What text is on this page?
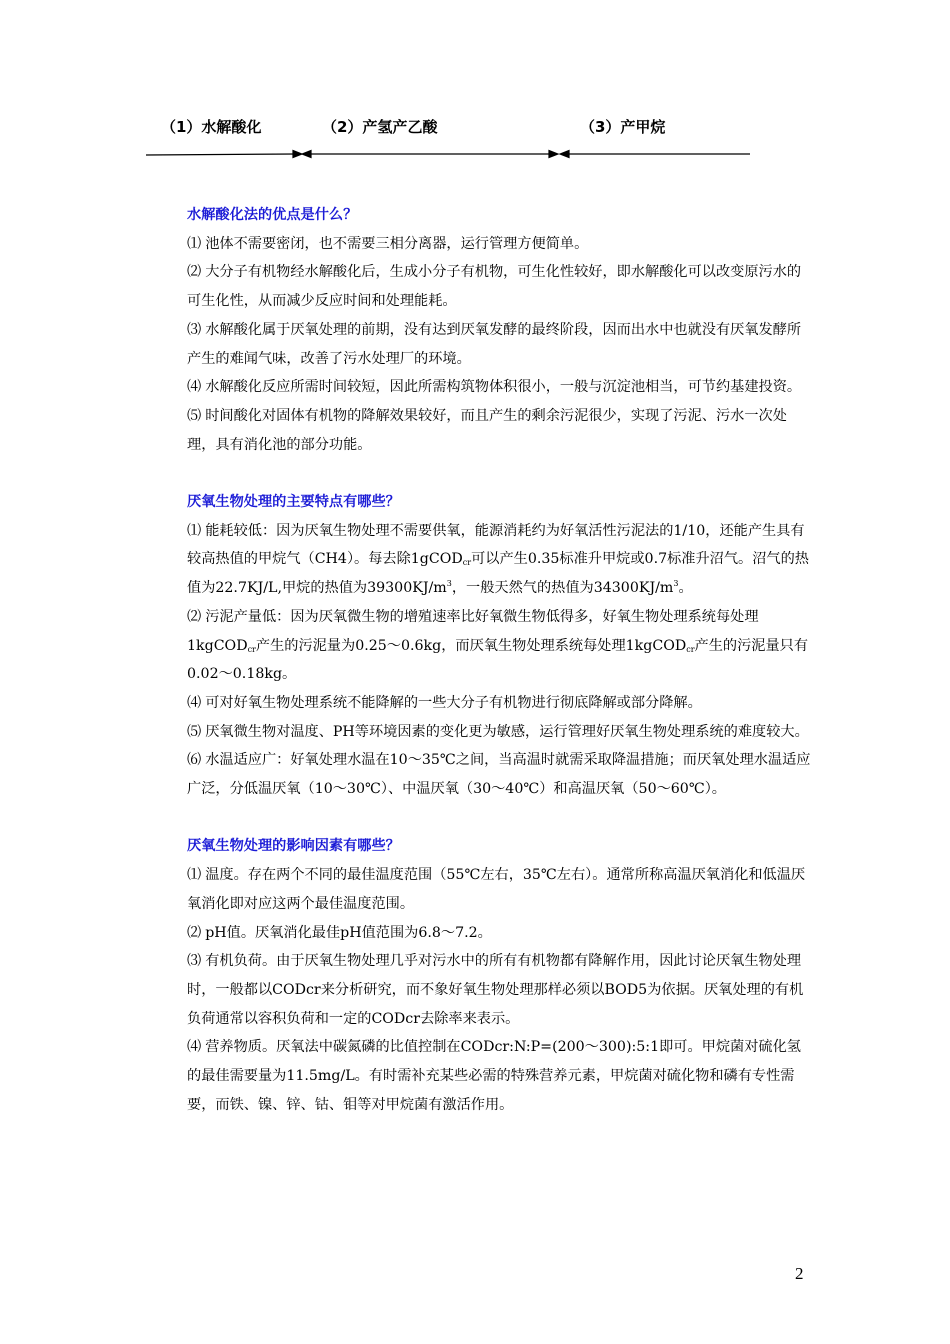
（1）水解酸化	（2）产氢产乙酸	（3）产甲烷
水解酸化法的优点是什么？

⑴ 池体不需要密闭，也不需要三相分离器，运行管理方便简单。

⑵ 大分子有机物经水解酸化后，生成小分子有机物，可生化性较好，即水解酸化可以改变原污水的可生化性，从而减少反应时间和处理能耗。

⑶ 水解酸化属于厌氧处理的前期，没有达到厌氧发酵的最终阶段，因而出水中也就没有厌氧发酵所产生的难闻气味，改善了污水处理厂的环境。

⑷ 水解酸化反应所需时间较短，因此所需构筑物体积很小，一般与沉淀池相当，可节约基建投资。

⑸ 时间酸化对固体有机物的降解效果较好，而且产生的剩余污泥很少，实现了污泥、污水一次处理，具有消化池的部分功能。

厌氧生物处理的主要特点有哪些？

⑴ 能耗较低：因为厌氧生物处理不需要供氧，能源消耗约为好氧活性污泥法的1/10，还能产生具有较高热值的甲烷气（CH4）。每去除1gCOD$_{cr}$可以产生0.35标准升甲烷或0.7标准升沼气。沼气的热值为22.7KJ/L,甲烷的热值为$39300KJ/m^3$，一般天然气的热值为$34300KJ/m^3$。

⑵ 污泥产量低：因为厌氧微生物的增殖速率比好氧微生物低得多，好氧生物处理系统每处理1kgCOD$_{cr}$产生的污泥量为0.25～0.6kg，而厌氧生物处理系统每处理1kgCOD$_{cr}$产生的污泥量只有0.02～0.18kg。

⑷ 可对好氧生物处理系统不能降解的一些大分子有机物进行彻底降解或部分降解。

⑸ 厌氧微生物对温度、PH等环境因素的变化更为敏感，运行管理好厌氧生物处理系统的难度较大。

⑹ 水温适应广：好氧处理水温在10～35℃之间，当高温时就需采取降温措施；而厌氧处理水温适应广泛，分低温厌氧（10～30℃）、中温厌氧（30～40℃）和高温厌氧（50～60℃）。

厌氧生物处理的影响因素有哪些？

⑴ 温度。存在两个不同的最佳温度范围（55℃左右，35℃左右）。通常所称高温厌氧消化和低温厌氧消化即对应这两个最佳温度范围。

⑵ pH值。厌氧消化最佳pH值范围为6.8～7.2。

⑶ 有机负荷。由于厌氧生物处理几乎对污水中的所有有机物都有降解作用，因此讨论厌氧生物处理时，一般都以CODcr来分析研究，而不象好氧生物处理那样必须以BOD5为依据。厌氧处理的有机负荷通常以容积负荷和一定的CODcr去除率来表示。

⑷ 营养物质。厌氧法中碳氮磷的比值控制在CODcr:N:P=(200～300):5:1即可。甲烷菌对硫化氢的最佳需要量为11.5mg/L。有时需补充某些必需的特殊营养元素，甲烷菌对硫化物和磷有专性需要，而铁、镍、锌、钴、钼等对甲烷菌有激活作用。

2
